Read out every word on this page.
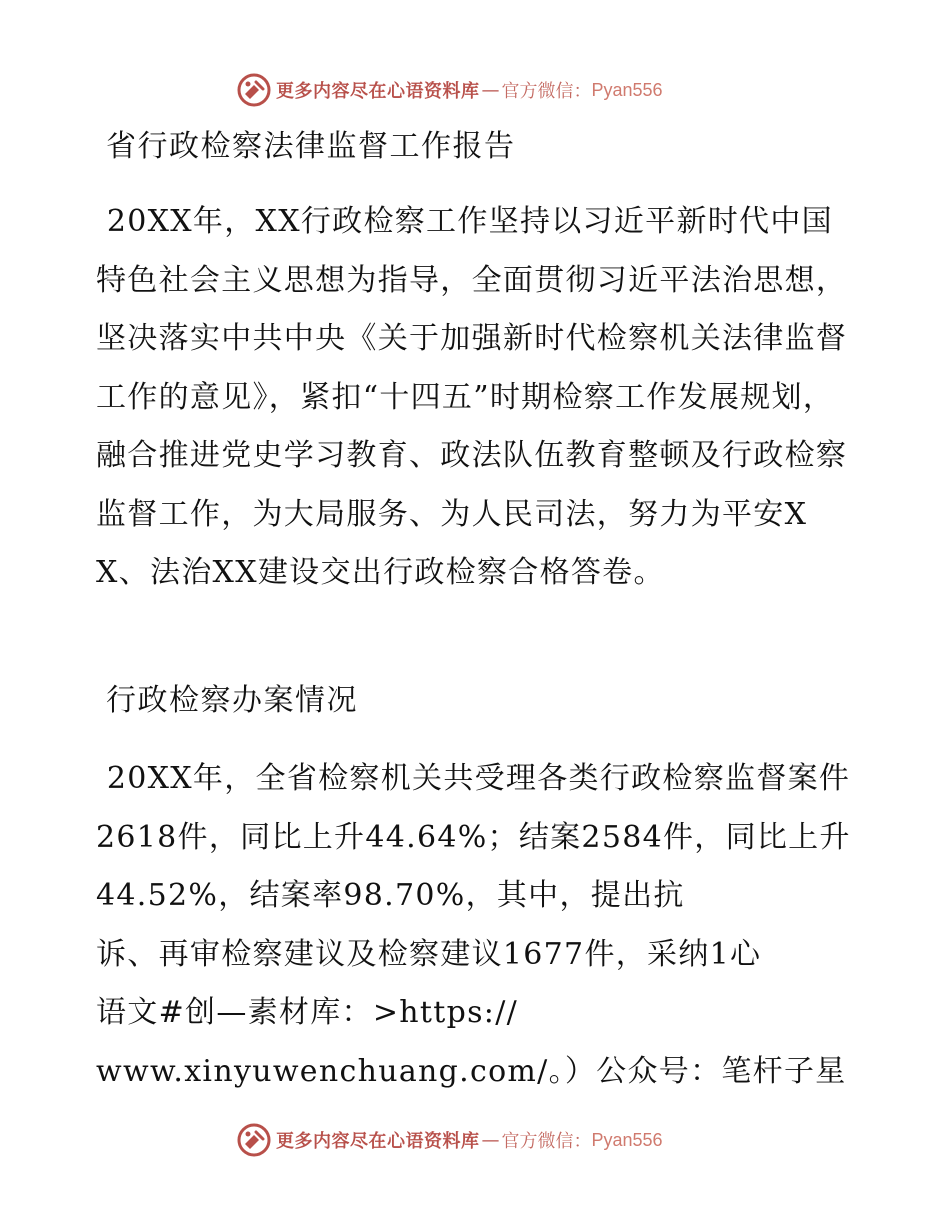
更多内容尽在心语资料库 — 官方微信： Pyan556
省行政检察法律监督工作报告

20XX年，XX行政检察工作坚持以习近平新时代中国特色社会主义思想为指导，全面贯彻习近平法治思想，坚决落实中共中央《关于加强新时代检察机关法律监督工作的意见》，紧扣“十四五”时期检察工作发展规划，融合推进党史学习教育、政法队伍教育整顿及行政检察监督工作，为大局服务、为人民司法，努力为平安XX、法治XX建设交出行政检察合格答卷。

行政检察办案情况

20XX年，全省检察机关共受理各类行政检察监督案件2618件，同比上升44.64%；结案2584件，同比上升44.52%，结案率98.70%，其中，提出抗
诉、再审检察建议及检察建议1677件，采纳1心
语文#创—素材库：>https://
www.xinyuwenchuang.com/。）公众号：笔杆子星

更多内容尽在心语资料库 — 官方微信： Pyan556
